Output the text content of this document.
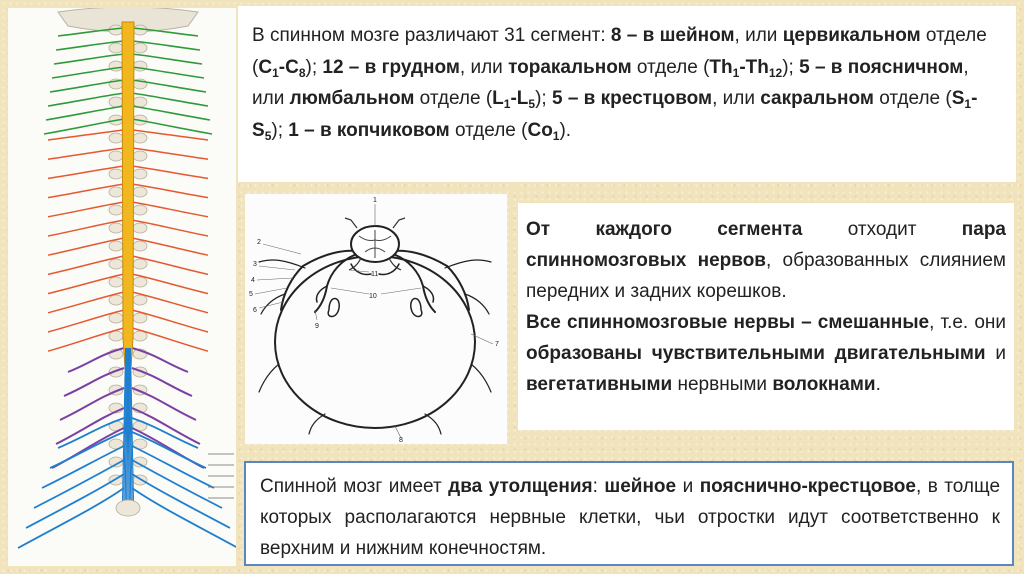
В спинном мозге различают 31 сегмент: 8 – в шейном, или цервикальном отделе $(С_1-С_8)$; 12 – в грудном, или торакальном отделе $(Th_1-Th_{12})$; 5 – в поясничном, или люмбальном отделе $(L_1-L_5)$; 5 – в крестцовом, или сакральном отделе $(S_1-S_5)$; 1 – в копчиковом отделе $(Со_1)$.

1
2
3
4
5
6
7
8
9
10
11

От каждого сегмента отходит пара спинномозговых нервов, образованных слиянием передних и задних корешков.

Все спинномозговые нервы – смешанные, т.е. они образованы чувствительными двигательными и вегетативными нервными волокнами.

Спинной мозг имеет два утолщения: шейное и пояснично-крестцовое, в толще которых располагаются нервные клетки, чьи отростки идут соответственно к верхним и нижним конечностям.
